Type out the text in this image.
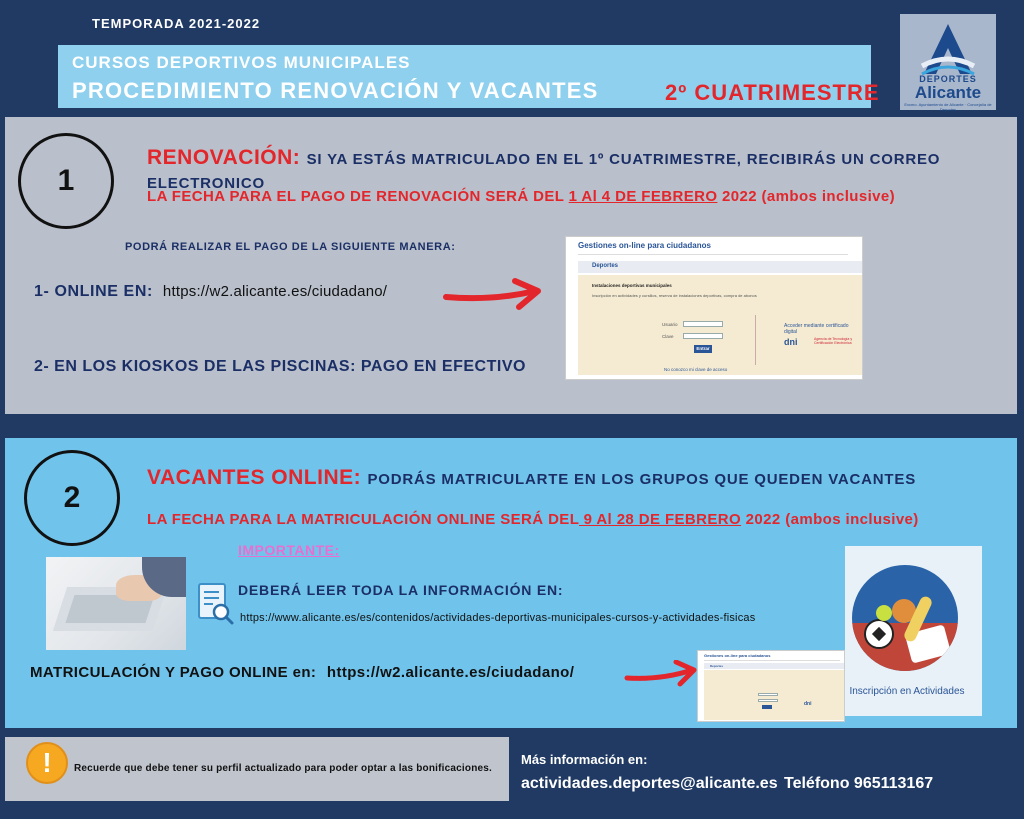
TEMPORADA 2021-2022
CURSOS DEPORTIVOS MUNICIPALES
PROCEDIMIENTO RENOVACIÓN Y VACANTES	2º CUATRIMESTRE
DEPORTES
Alicante
Excmo. Ayuntamiento de Alicante · Concejalía de Deportes
1
RENOVACIÓN: SI YA ESTÁS MATRICULADO EN EL 1º CUATRIMESTRE, RECIBIRÁS UN CORREO ELECTRONICO
LA FECHA PARA EL PAGO DE RENOVACIÓN SERÁ DEL 1 Al 4 DE FEBRERO 2022 (ambos inclusive)
PODRÁ REALIZAR EL PAGO DE LA SIGUIENTE MANERA:
1- ONLINE EN: https://w2.alicante.es/ciudadano/
2- EN LOS KIOSKOS DE LAS PISCINAS: PAGO EN EFECTIVO
Gestiones on-line para ciudadanos
Deportes
Instalaciones deportivas municipales
Inscripción en actividades y cursillos, reserva de instalaciones deportivas, compra de abonos
Usuario
Clave
Entrar
Acceder mediante certificado digital
dni	Agencia de Tecnología y Certificación Electrónica
No conozco mi clave de acceso
2
VACANTES ONLINE: PODRÁS MATRICULARTE EN LOS GRUPOS QUE QUEDEN VACANTES
LA FECHA PARA LA MATRICULACIÓN ONLINE SERÁ DEL 9 Al 28 DE FEBRERO 2022 (ambos inclusive)
IMPORTANTE:
DEBERÁ LEER TODA LA INFORMACIÓN EN:
https://www.alicante.es/es/contenidos/actividades-deportivas-municipales-cursos-y-actividades-fisicas
MATRICULACIÓN Y PAGO ONLINE en: https://w2.alicante.es/ciudadano/
Gestiones on-line para ciudadanos
Deportes
dni
Inscripción en Actividades
!	Recuerde que debe tener su perfil actualizado para poder optar a las bonificaciones.
Más información en:
actividades.deportes@alicante.es Teléfono 965113167
